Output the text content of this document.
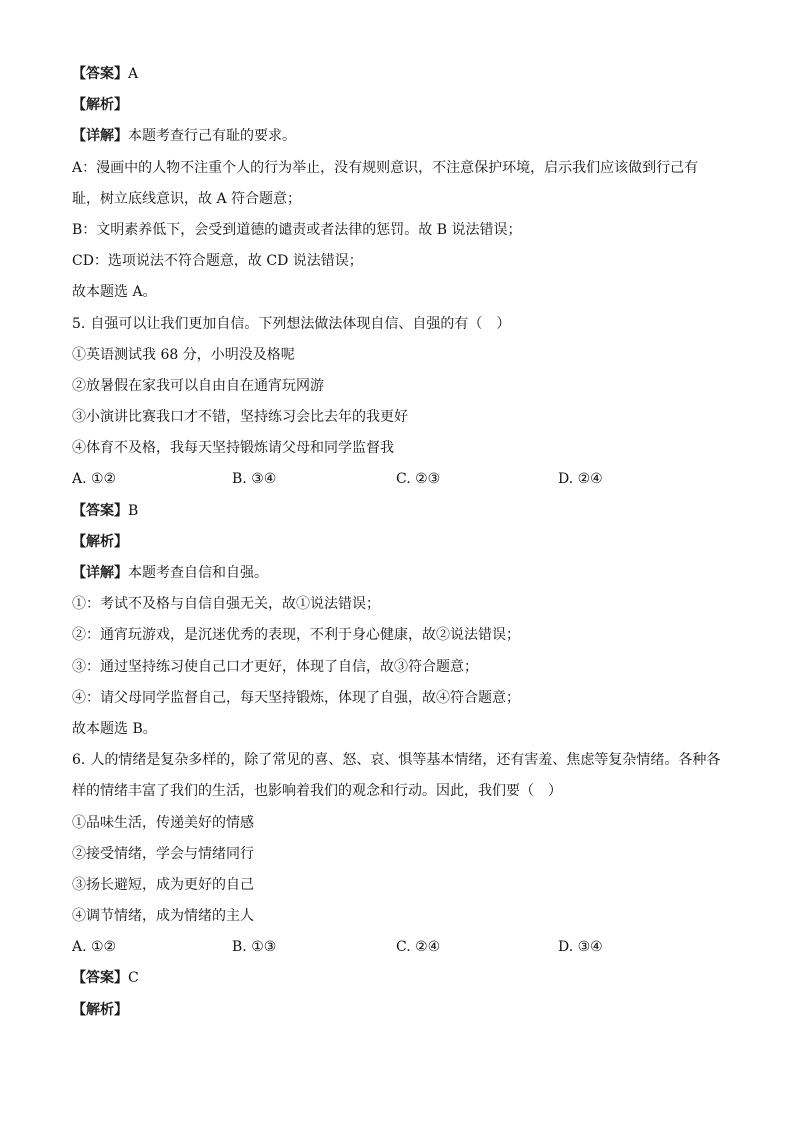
【答案】A
【解析】
【详解】本题考查行己有耻的要求。
A：漫画中的人物不注重个人的行为举止，没有规则意识，不注意保护环境，启示我们应该做到行己有
耻，树立底线意识，故 A 符合题意；
B：文明素养低下，会受到道德的谴责或者法律的惩罚。故 B 说法错误；
CD：选项说法不符合题意，故 CD 说法错误；
故本题选 A。
5. 自强可以让我们更加自信。下列想法做法体现自信、自强的有（　）
①英语测试我 68 分，小明没及格呢
②放暑假在家我可以自由自在通宵玩网游
③小演讲比赛我口才不错，坚持练习会比去年的我更好
④体育不及格，我每天坚持锻炼请父母和同学监督我
A. ①②	B. ③④	C. ②③	D. ②④
【答案】B
【解析】
【详解】本题考查自信和自强。
①：考试不及格与自信自强无关，故①说法错误；
②：通宵玩游戏，是沉迷优秀的表现，不利于身心健康，故②说法错误；
③：通过坚持练习使自己口才更好，体现了自信，故③符合题意；
④：请父母同学监督自己，每天坚持锻炼，体现了自强，故④符合题意；
故本题选 B。
6. 人的情绪是复杂多样的，除了常见的喜、怒、哀、惧等基本情绪，还有害羞、焦虑等复杂情绪。各种各
样的情绪丰富了我们的生活，也影响着我们的观念和行动。因此，我们要（　）
①品味生活，传递美好的情感
②接受情绪，学会与情绪同行
③扬长避短，成为更好的自己
④调节情绪，成为情绪的主人
A. ①②	B. ①③	C. ②④	D. ③④
【答案】C
【解析】
